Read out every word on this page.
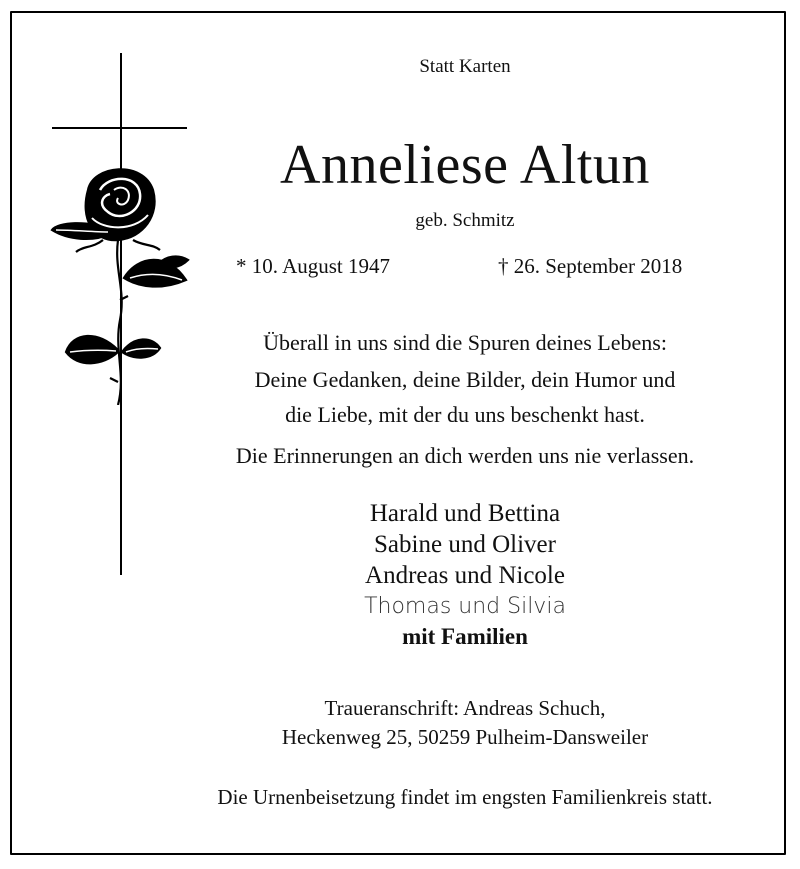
Statt Karten
Anneliese Altun
geb. Schmitz
* 10. August 1947	† 26. September 2018
Überall in uns sind die Spuren deines Lebens:
Deine Gedanken, deine Bilder, dein Humor und
die Liebe, mit der du uns beschenkt hast.
Die Erinnerungen an dich werden uns nie verlassen.
Harald und Bettina
Sabine und Oliver
Andreas und Nicole
Thomas und Silvia
mit Familien
Traueranschrift: Andreas Schuch,
Heckenweg 25, 50259 Pulheim-Dansweiler
Die Urnenbeisetzung findet im engsten Familienkreis statt.
